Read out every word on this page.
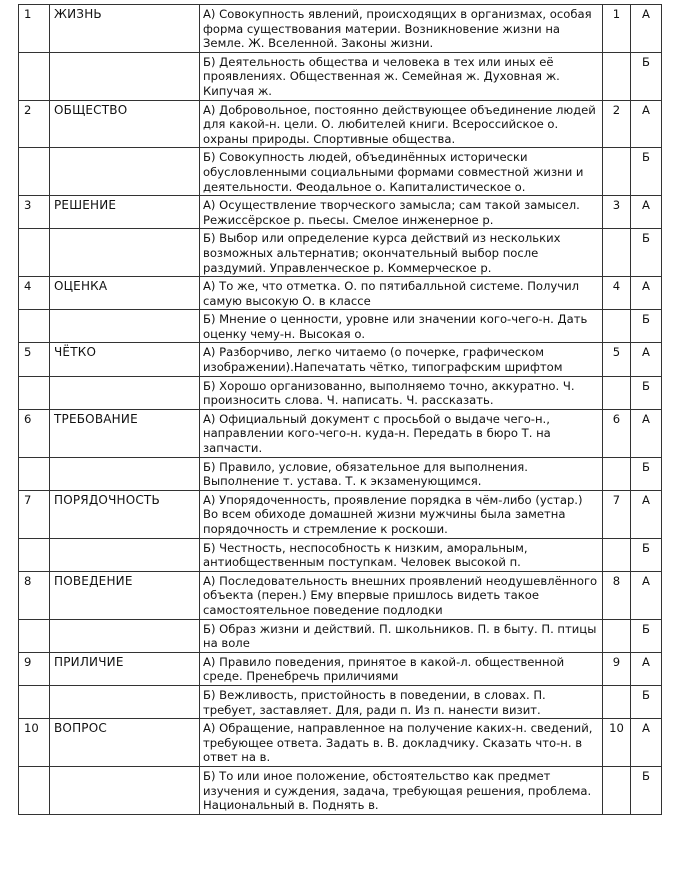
1	ЖИЗНЬ	А) Совокупность явлений, происходящих в организмах, особая форма существования материи. Возникновение жизни на Земле. Ж. Вселенной. Законы жизни.	1	А
		Б) Деятельность общества и человека в тех или иных её проявлениях. Общественная ж. Семейная ж. Духовная ж. Кипучая ж.		Б
2	ОБЩЕСТВО	А) Добровольное, постоянно действующее объединение людей для какой-н. цели. О. любителей книги. Всероссийское о. охраны природы. Спортивные общества.	2	А
		Б) Совокупность людей, объединённых исторически обусловленными социальными формами совместной жизни и деятельности. Феодальное о. Капиталистическое о.		Б
3	РЕШЕНИЕ	А) Осуществление творческого замысла; сам такой замысел. Режиссёрское р. пьесы. Смелое инженерное р.	3	А
		Б) Выбор или определение курса действий из нескольких возможных альтернатив; окончательный выбор после раздумий. Управленческое р. Коммерческое р.		Б
4	ОЦЕНКА	А) То же, что отметка. О. по пятибалльной системе. Получил самую высокую О. в классе	4	А
		Б) Мнение о ценности, уровне или значении кого-чего-н. Дать оценку чему-н. Высокая о.		Б
5	ЧЁТКО	А) Разборчиво, легко читаемо (о почерке, графическом изображении).Напечатать чётко, типографским шрифтом	5	А
		Б) Хорошо организованно, выполняемо точно, аккуратно. Ч. произносить слова. Ч. написать. Ч. рассказать.		Б
6	ТРЕБОВАНИЕ	А) Официальный документ с просьбой о выдаче чего-н., направлении кого-чего-н. куда-н. Передать в бюро Т. на запчасти.	6	А
		Б) Правило, условие, обязательное для выполнения. Выполнение т. устава. Т. к экзаменующимся.		Б
7	ПОРЯДОЧНОСТЬ	А) Упорядоченность, проявление порядка в чём-либо (устар.) Во всем обиходе домашней жизни мужчины была заметна порядочность и стремление к роскоши.	7	А
		Б) Честность, неспособность к низким, аморальным, антиобщественным поступкам. Человек высокой п.		Б
8	ПОВЕДЕНИЕ	А) Последовательность внешних проявлений неодушевлённого объекта (перен.) Ему впервые пришлось видеть такое самостоятельное поведение подлодки	8	А
		Б) Образ жизни и действий. П. школьников. П. в быту. П. птицы на воле		Б
9	ПРИЛИЧИЕ	А) Правило поведения, принятое в какой-л. общественной среде. Пренебречь приличиями	9	А
		Б) Вежливость, пристойность в поведении, в словах. П. требует, заставляет. Для, ради п. Из п. нанести визит.		Б
10	ВОПРОС	А) Обращение, направленное на получение каких-н. сведений, требующее ответа. Задать в. В. докладчику. Сказать что-н. в ответ на в.	10	А
		Б) То или иное положение, обстоятельство как предмет изучения и суждения, задача, требующая решения, проблема. Национальный в. Поднять в.		Б
